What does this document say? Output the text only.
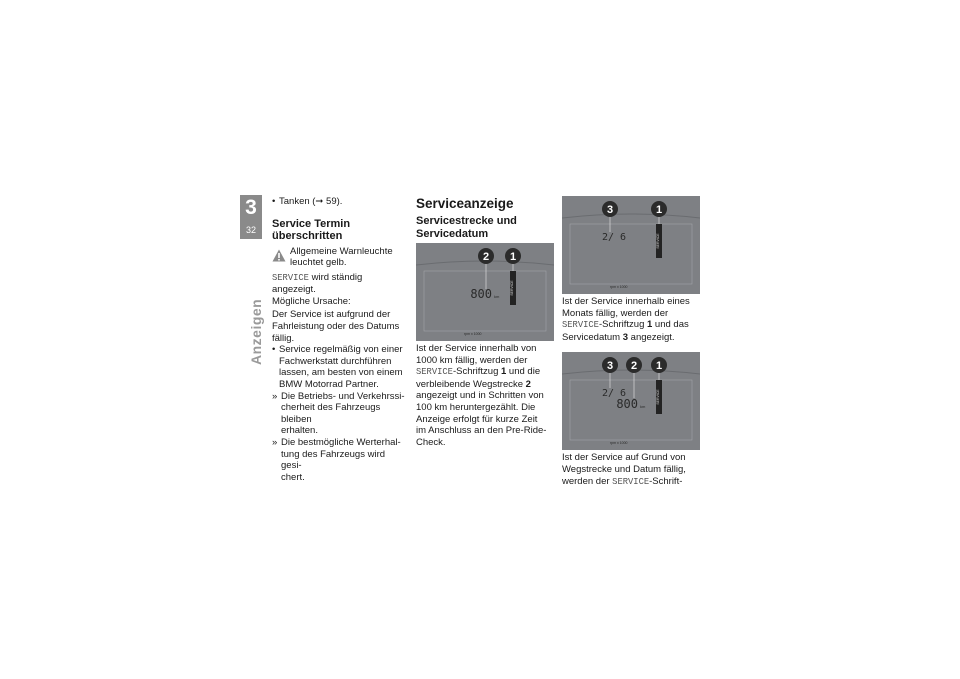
3
32
Anzeigen
• Tanken (➞ 59).
Service Termin
überschritten
Allgemeine Warnleuchte
leuchtet gelb.
SERVICE wird ständig angezeigt.
Mögliche Ursache:
Der Service ist aufgrund der
Fahrleistung oder des Datums
fällig.
• Service regelmäßig von einer
Fachwerkstatt durchführen
lassen, am besten von einem
BMW Motorrad Partner.
» Die Betriebs- und Verkehrssi-
cherheit des Fahrzeugs bleiben
erhalten.
» Die bestmögliche Werterhal-
tung des Fahrzeugs wird gesi-
chert.
Serviceanzeige
Servicestrecke und
Servicedatum
SERVICE
800 km
rpm x 1000
2 1
Ist der Service innerhalb von
1000 km fällig, werden der
SERVICE-Schriftzug 1 und die
verbleibende Wegstrecke 2
angezeigt und in Schritten von
100 km heruntergezählt. Die
Anzeige erfolgt für kurze Zeit
im Anschluss an den Pre-Ride-
Check.
SERVICE
2/ 6
rpm x 1000
3	1
Ist der Service innerhalb eines
Monats fällig, werden der
SERVICE-Schriftzug 1 und das
Servicedatum 3 angezeigt.
SERVICE
2/ 6
800 km
rpm x 1000
3 2 1
Ist der Service auf Grund von
Wegstrecke und Datum fällig,
werden der SERVICE-Schrift-
